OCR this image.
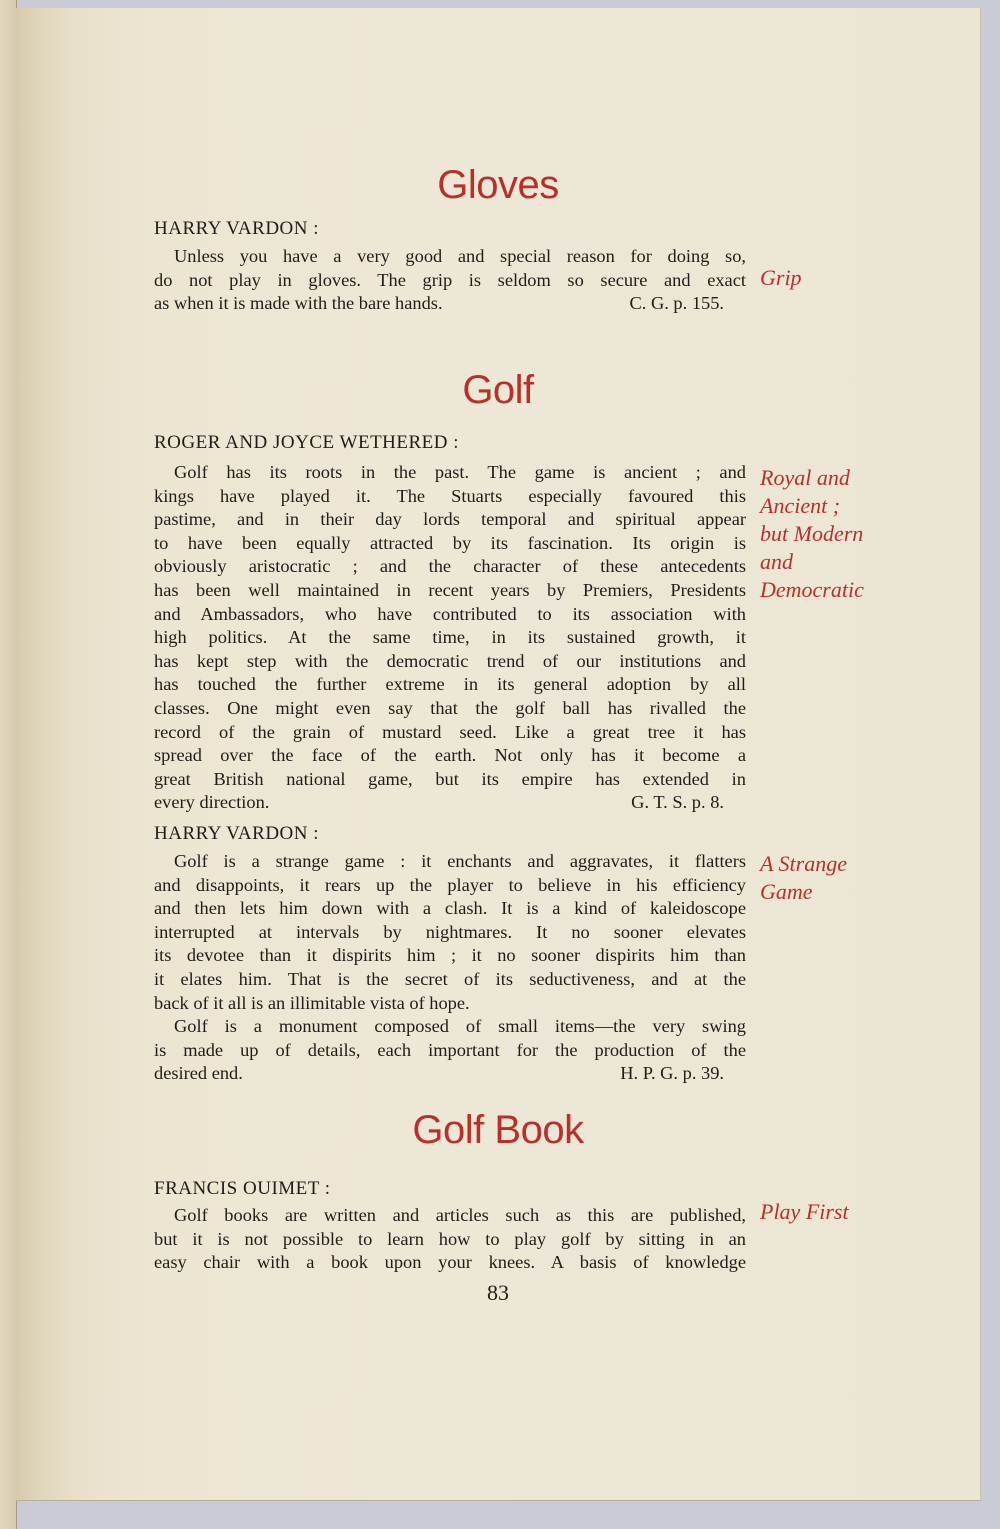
Gloves
HARRY VARDON :
Unless you have a very good and special reason for doing so,
do not play in gloves. The grip is seldom so secure and exact
as when it is made with the bare hands.	C. G. p. 155.
Grip
Golf
ROGER AND JOYCE WETHERED :
Golf has its roots in the past. The game is ancient ; and
kings have played it. The Stuarts especially favoured this
pastime, and in their day lords temporal and spiritual appear
to have been equally attracted by its fascination. Its origin is
obviously aristocratic ; and the character of these antecedents
has been well maintained in recent years by Premiers, Presidents
and Ambassadors, who have contributed to its association with
high politics. At the same time, in its sustained growth, it
has kept step with the democratic trend of our institutions and
has touched the further extreme in its general adoption by all
classes. One might even say that the golf ball has rivalled the
record of the grain of mustard seed. Like a great tree it has
spread over the face of the earth. Not only has it become a
great British national game, but its empire has extended in
every direction.	G. T. S. p. 8.
Royal and
Ancient ;
but Modern
and
Democratic
HARRY VARDON :
Golf is a strange game : it enchants and aggravates, it flatters
and disappoints, it rears up the player to believe in his efficiency
and then lets him down with a clash. It is a kind of kaleidoscope
interrupted at intervals by nightmares. It no sooner elevates
its devotee than it dispirits him ; it no sooner dispirits him than
it elates him. That is the secret of its seductiveness, and at the
back of it all is an illimitable vista of hope.
Golf is a monument composed of small items—the very swing
is made up of details, each important for the production of the
desired end.	H. P. G. p. 39.
A Strange
Game
Golf Book
FRANCIS OUIMET :
Golf books are written and articles such as this are published,
but it is not possible to learn how to play golf by sitting in an
easy chair with a book upon your knees. A basis of knowledge
Play First
83
